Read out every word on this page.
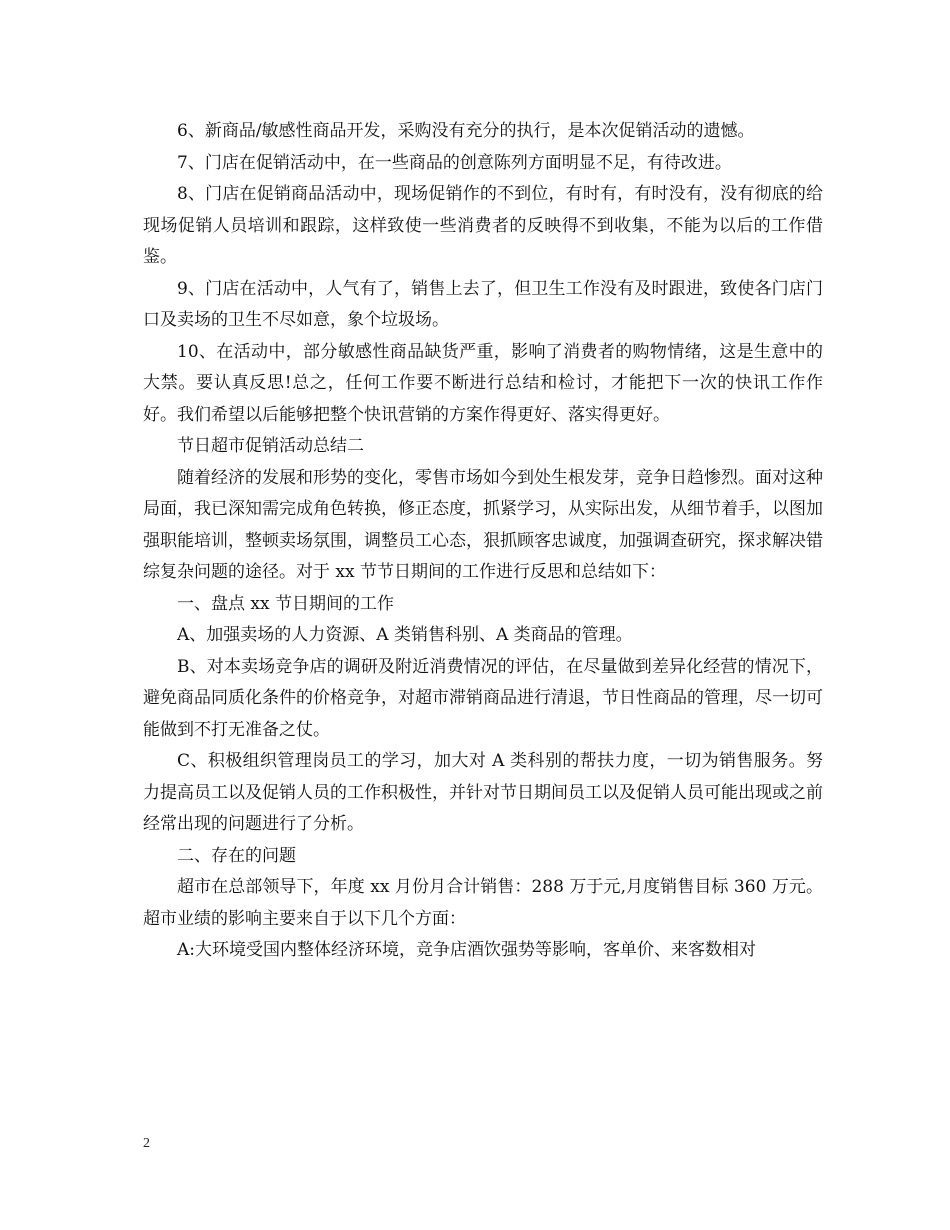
6、新商品/敏感性商品开发，采购没有充分的执行，是本次促销活动的遗憾。

7、门店在促销活动中，在一些商品的创意陈列方面明显不足，有待改进。

8、门店在促销商品活动中，现场促销作的不到位，有时有，有时没有，没有彻底的给现场促销人员培训和跟踪，这样致使一些消费者的反映得不到收集，不能为以后的工作借鉴。

9、门店在活动中，人气有了，销售上去了，但卫生工作没有及时跟进，致使各门店门口及卖场的卫生不尽如意，象个垃圾场。

10、在活动中，部分敏感性商品缺货严重，影响了消费者的购物情绪，这是生意中的大禁。要认真反思!总之，任何工作要不断进行总结和检讨，才能把下一次的快讯工作作好。我们希望以后能够把整个快讯营销的方案作得更好、落实得更好。

节日超市促销活动总结二

随着经济的发展和形势的变化，零售市场如今到处生根发芽，竞争日趋惨烈。面对这种局面，我已深知需完成角色转换，修正态度，抓紧学习，从实际出发，从细节着手，以图加强职能培训，整顿卖场氛围，调整员工心态，狠抓顾客忠诚度，加强调查研究，探求解决错综复杂问题的途径。对于 xx 节节日期间的工作进行反思和总结如下：

一、盘点 xx 节日期间的工作

A、加强卖场的人力资源、A 类销售科别、A 类商品的管理。

B、对本卖场竞争店的调研及附近消费情况的评估，在尽量做到差异化经营的情况下，避免商品同质化条件的价格竞争，对超市滞销商品进行清退，节日性商品的管理，尽一切可能做到不打无准备之仗。

C、积极组织管理岗员工的学习，加大对 A 类科别的帮扶力度，一切为销售服务。努力提高员工以及促销人员的工作积极性，并针对节日期间员工以及促销人员可能出现或之前经常出现的问题进行了分析。

二、存在的问题

超市在总部领导下，年度 xx 月份月合计销售：288 万于元,月度销售目标 360 万元。超市业绩的影响主要来自于以下几个方面：

A:大环境受国内整体经济环境，竞争店酒饮强势等影响，客单价、来客数相对

2
